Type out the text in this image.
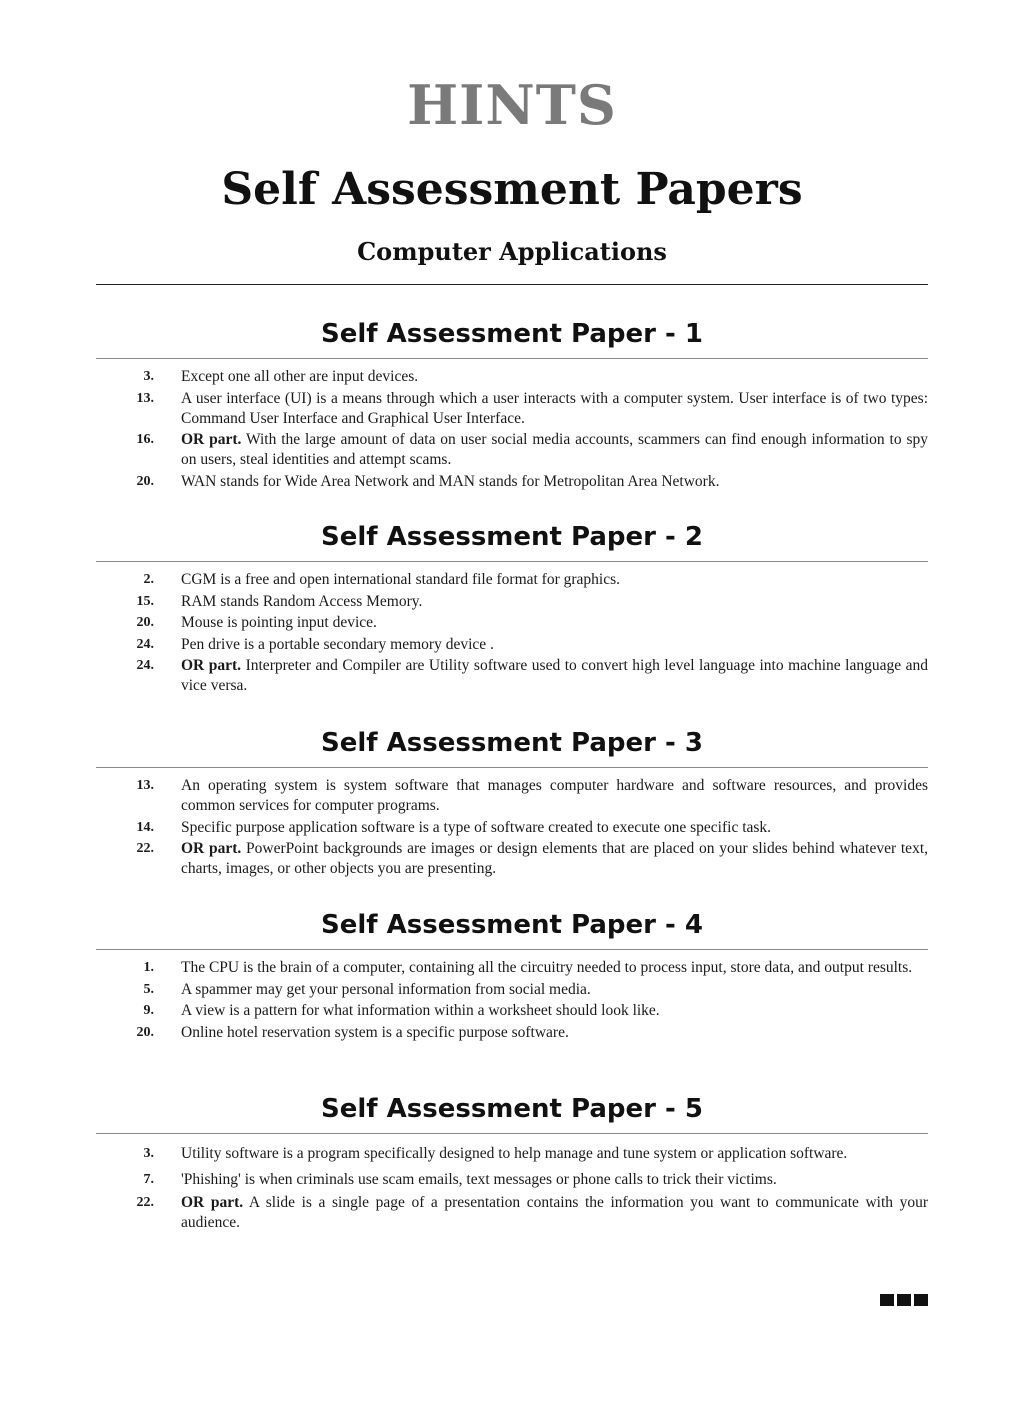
HINTS
Self Assessment Papers
Computer Applications
Self Assessment Paper - 1
3. Except one all other are input devices.
13. A user interface (UI) is a means through which a user interacts with a computer system. User interface is of two types: Command User Interface and Graphical User Interface.
16. OR part. With the large amount of data on user social media accounts, scammers can find enough information to spy on users, steal identities and attempt scams.
20. WAN stands for Wide Area Network and MAN stands for Metropolitan Area Network.
Self Assessment Paper - 2
2. CGM is a free and open international standard file format for graphics.
15. RAM stands Random Access Memory.
20. Mouse is pointing input device.
24. Pen drive is a portable secondary memory device .
24. OR part. Interpreter and Compiler are Utility software used to convert high level language into machine language and vice versa.
Self Assessment Paper - 3
13. An operating system is system software that manages computer hardware and software resources, and provides common services for computer programs.
14. Specific purpose application software is a type of software created to execute one specific task.
22. OR part. PowerPoint backgrounds are images or design elements that are placed on your slides behind whatever text, charts, images, or other objects you are presenting.
Self Assessment Paper - 4
1. The CPU is the brain of a computer, containing all the circuitry needed to process input, store data, and output results.
5. A spammer may get your personal information from social media.
9. A view is a pattern for what information within a worksheet should look like.
20. Online hotel reservation system is a specific purpose software.
Self Assessment Paper - 5
3. Utility software is a program specifically designed to help manage and tune system or application software.
7. 'Phishing' is when criminals use scam emails, text messages or phone calls to trick their victims.
22. OR part. A slide is a single page of a presentation contains the information you want to communicate with your audience.
